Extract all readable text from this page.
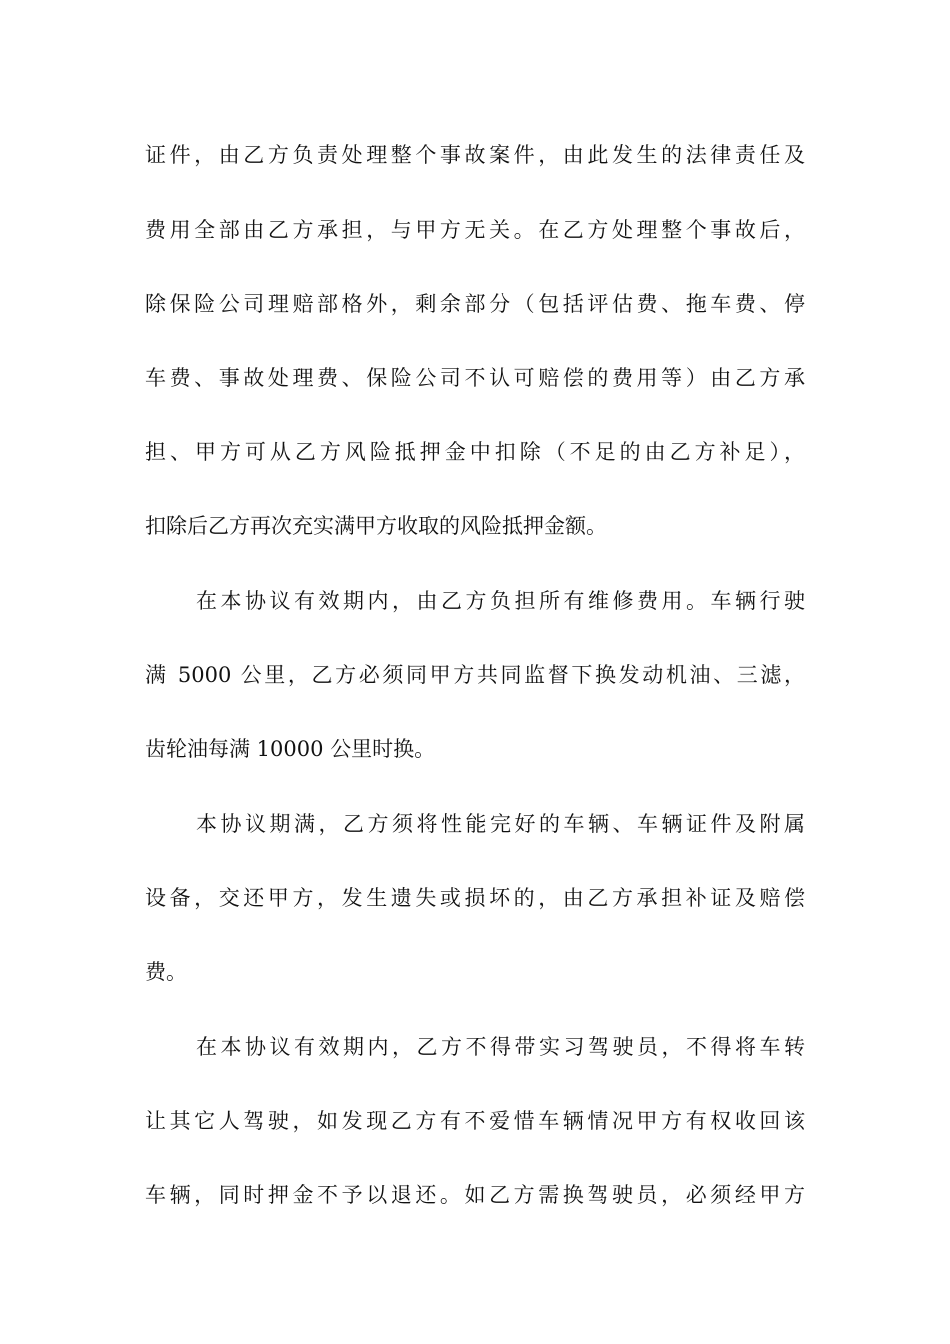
证件，由乙方负责处理整个事故案件，由此发生的法律责任及
费用全部由乙方承担，与甲方无关。在乙方处理整个事故后，
除保险公司理赔部格外，剩余部分（包括评估费、拖车费、停
车费、事故处理费、保险公司不认可赔偿的费用等）由乙方承
担、甲方可从乙方风险抵押金中扣除（不足的由乙方补足），
扣除后乙方再次充实满甲方收取的风险抵押金额。
在本协议有效期内，由乙方负担所有维修费用。车辆行驶
满 5000 公里，乙方必须同甲方共同监督下换发动机油、三滤，
齿轮油每满 10000 公里时换。
本协议期满，乙方须将性能完好的车辆、车辆证件及附属
设备，交还甲方，发生遗失或损坏的，由乙方承担补证及赔偿
费。
在本协议有效期内，乙方不得带实习驾驶员，不得将车转
让其它人驾驶，如发现乙方有不爱惜车辆情况甲方有权收回该
车辆，同时押金不予以退还。如乙方需换驾驶员，必须经甲方
